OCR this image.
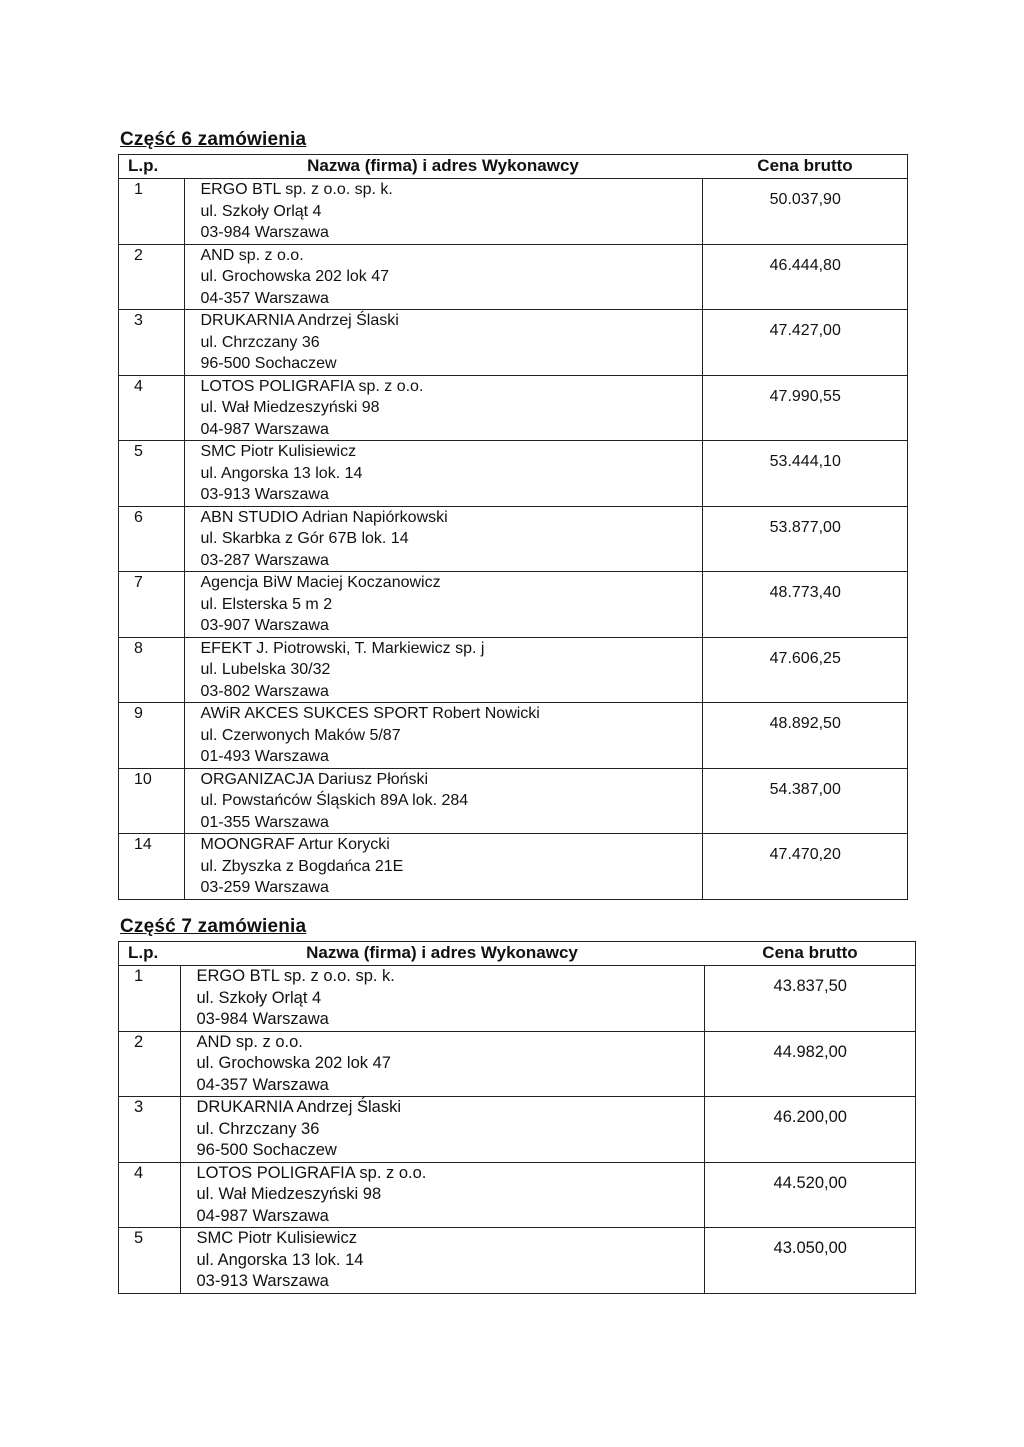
Część 6 zamówienia
L.p.	Nazwa (firma) i adres Wykonawcy	Cena brutto
1	ERGO BTL sp. z o.o. sp. k.
ul. Szkoły Orląt 4
03-984 Warszawa	50.037,90
2	AND sp. z o.o.
ul. Grochowska 202 lok 47
04-357 Warszawa	46.444,80
3	DRUKARNIA Andrzej Ślaski
ul. Chrzczany 36
96-500 Sochaczew	47.427,00
4	LOTOS POLIGRAFIA sp. z o.o.
ul. Wał Miedzeszyński 98
04-987 Warszawa	47.990,55
5	SMC Piotr Kulisiewicz
ul. Angorska 13 lok. 14
03-913 Warszawa	53.444,10
6	ABN STUDIO Adrian Napiórkowski
ul. Skarbka z Gór 67B lok. 14
03-287 Warszawa	53.877,00
7	Agencja BiW Maciej Koczanowicz
ul. Elsterska 5 m 2
03-907 Warszawa	48.773,40
8	EFEKT J. Piotrowski, T. Markiewicz sp. j
ul. Lubelska 30/32
03-802 Warszawa	47.606,25
9	AWiR AKCES SUKCES SPORT Robert Nowicki
ul. Czerwonych Maków 5/87
01-493 Warszawa	48.892,50
10	ORGANIZACJA Dariusz Płoński
ul. Powstańców Śląskich 89A lok. 284
01-355 Warszawa	54.387,00
14	MOONGRAF Artur Korycki
ul. Zbyszka z Bogdańca 21E
03-259 Warszawa	47.470,20
Część 7 zamówienia
L.p.	Nazwa (firma) i adres Wykonawcy	Cena brutto
1	ERGO BTL sp. z o.o. sp. k.
ul. Szkoły Orląt 4
03-984 Warszawa	43.837,50
2	AND sp. z o.o.
ul. Grochowska 202 lok 47
04-357 Warszawa	44.982,00
3	DRUKARNIA Andrzej Ślaski
ul. Chrzczany 36
96-500 Sochaczew	46.200,00
4	LOTOS POLIGRAFIA sp. z o.o.
ul. Wał Miedzeszyński 98
04-987 Warszawa	44.520,00
5	SMC Piotr Kulisiewicz
ul. Angorska 13 lok. 14
03-913 Warszawa	43.050,00
